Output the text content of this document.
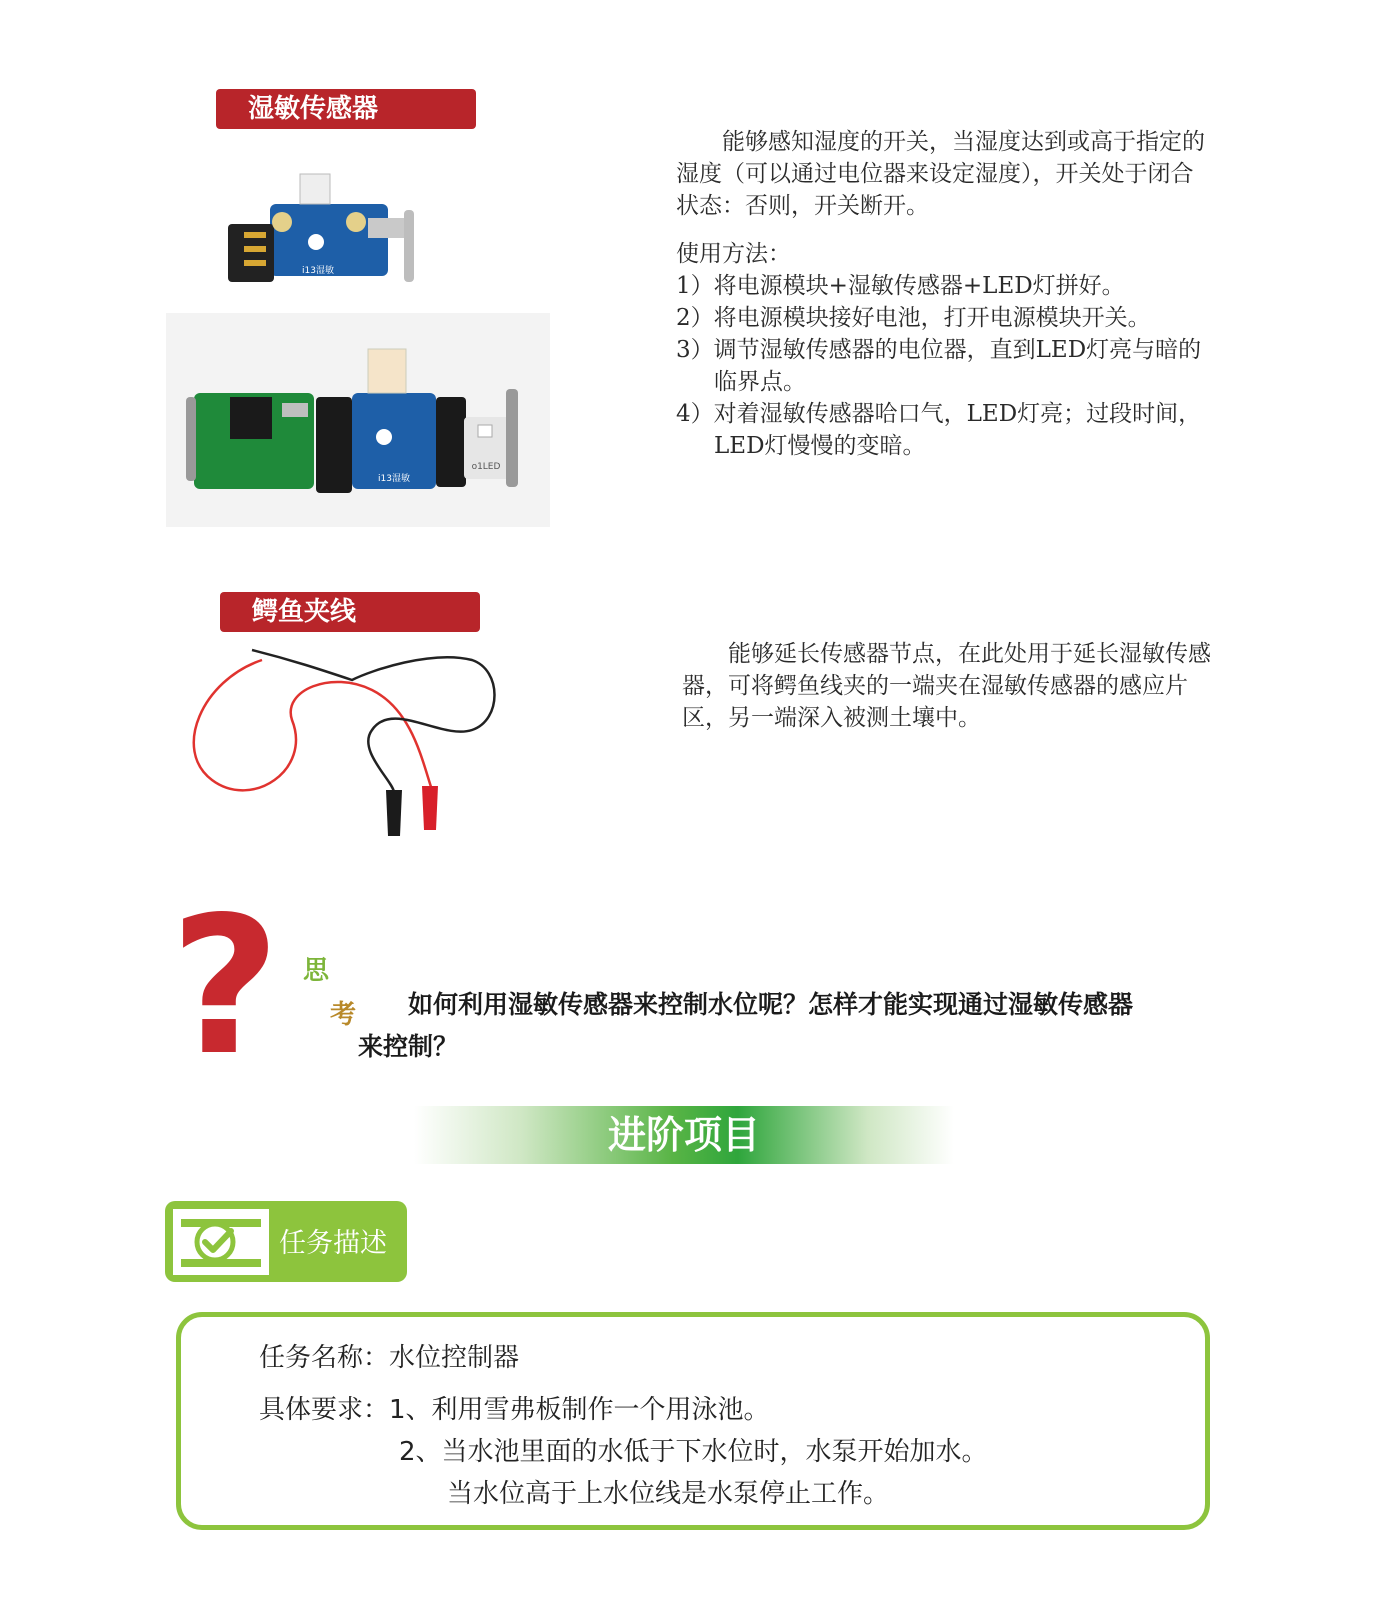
湿敏传感器
i13湿敏
i13湿敏
o1LED

能够感知湿度的开关，当湿度达到或高于指定的湿度（可以通过电位器来设定湿度），开关处于闭合状态：否则，开关断开。

使用方法：

1）将电源模块+湿敏传感器+LED灯拼好。

2）将电源模块接好电池，打开电源模块开关。

3）调节湿敏传感器的电位器，直到LED灯亮与暗的临界点。

4）对着湿敏传感器哈口气，LED灯亮；过段时间，LED灯慢慢的变暗。

鳄鱼夹线

能够延长传感器节点，在此处用于延长湿敏传感器，可将鳄鱼线夹的一端夹在湿敏传感器的感应片区，另一端深入被测土壤中。

? 思
考 如何利用湿敏传感器来控制水位呢？怎样才能实现通过湿敏传感器
来控制？
进阶项目
任务描述
任务名称：水位控制器
具体要求：1、利用雪弗板制作一个用泳池。
2、当水池里面的水低于下水位时，水泵开始加水。
当水位高于上水位线是水泵停止工作。
